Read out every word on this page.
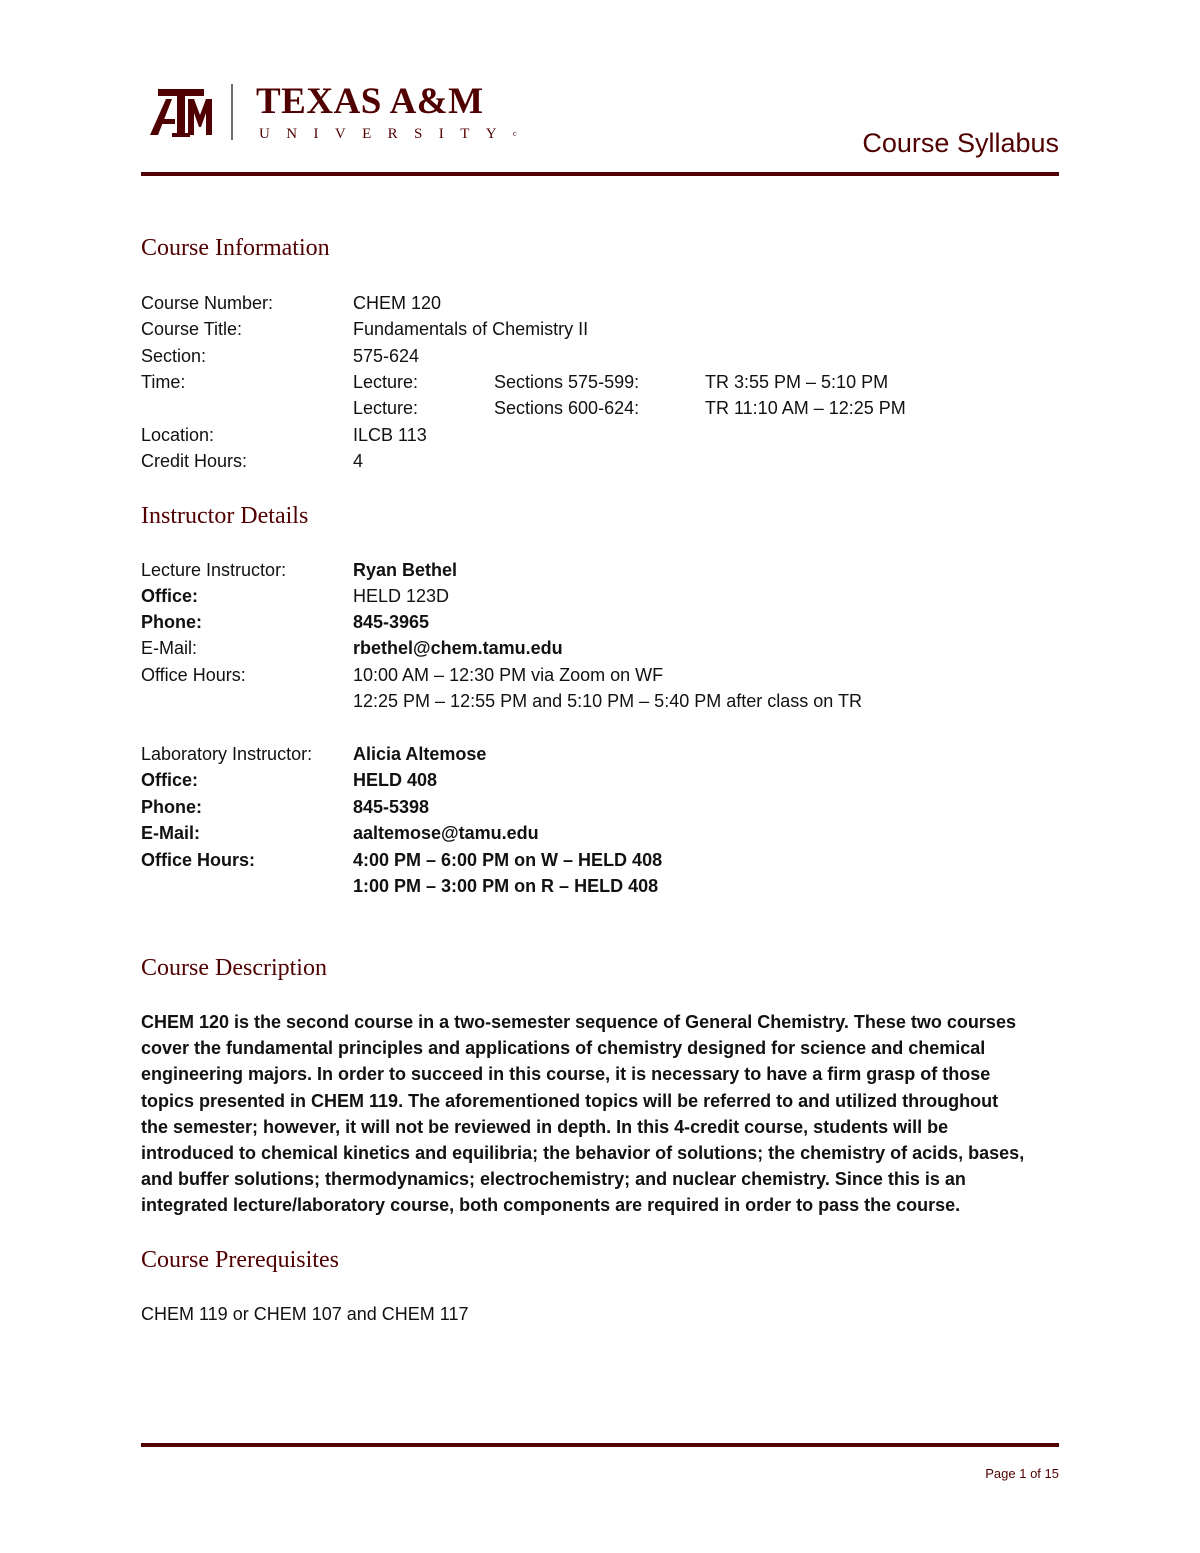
TEXAS A&M
UNIVERSITY$^c$	Course Syllabus
Course Information
Course Number:	CHEM 120
Course Title:	Fundamentals of Chemistry II
Section:	575-624
Time:	Lecture:	Sections 575-599:	TR 3:55 PM – 5:10 PM
Lecture:	Sections 600-624:	TR 11:10 AM – 12:25 PM
Location:	ILCB 113
Credit Hours:	4
Instructor Details
Lecture Instructor:	Ryan Bethel
Office:	HELD 123D
Phone:	845-3965
E-Mail:	rbethel@chem.tamu.edu
Office Hours:	10:00 AM – 12:30 PM via Zoom on WF
12:25 PM – 12:55 PM and 5:10 PM – 5:40 PM after class on TR
Laboratory Instructor: Alicia Altemose
Office:	HELD 408
Phone:	845-5398
E-Mail:	aaltemose@tamu.edu
Office Hours:	4:00 PM – 6:00 PM on W – HELD 408
1:00 PM – 3:00 PM on R – HELD 408
Course Description
CHEM 120 is the second course in a two-semester sequence of General Chemistry. These two courses
cover the fundamental principles and applications of chemistry designed for science and chemical
engineering majors. In order to succeed in this course, it is necessary to have a firm grasp of those
topics presented in CHEM 119. The aforementioned topics will be referred to and utilized throughout
the semester; however, it will not be reviewed in depth. In this 4-credit course, students will be
introduced to chemical kinetics and equilibria; the behavior of solutions; the chemistry of acids, bases,
and buffer solutions; thermodynamics; electrochemistry; and nuclear chemistry. Since this is an
integrated lecture/laboratory course, both components are required in order to pass the course.
Course Prerequisites
CHEM 119 or CHEM 107 and CHEM 117
Page 1 of 15
